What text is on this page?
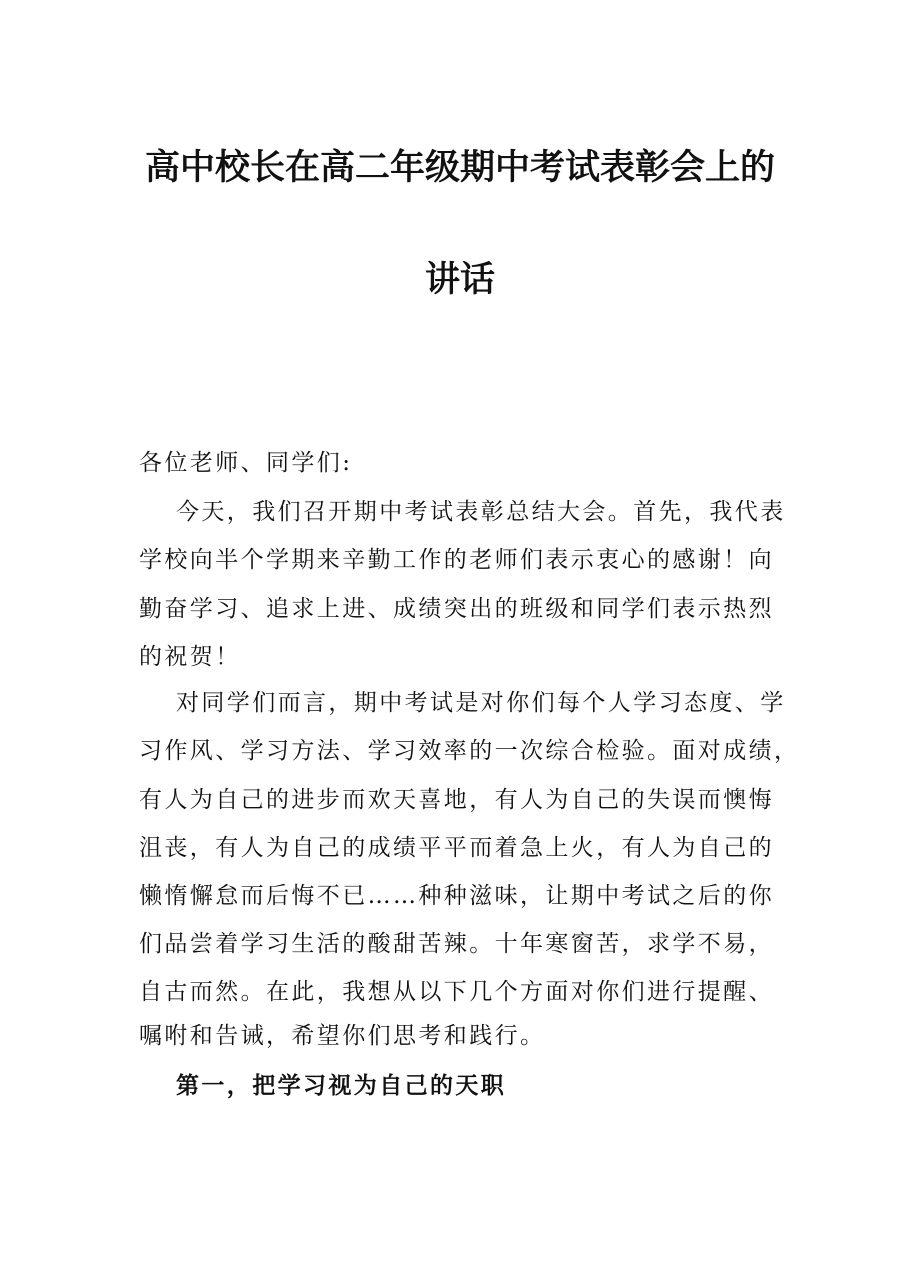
高中校长在高二年级期中考试表彰会上的
讲话

各位老师、同学们:

今天，我们召开期中考试表彰总结大会。首先，我代表

学校向半个学期来辛勤工作的老师们表示衷心的感谢！向

勤奋学习、追求上进、成绩突出的班级和同学们表示热烈

的祝贺！

对同学们而言，期中考试是对你们每个人学习态度、学

习作风、学习方法、学习效率的一次综合检验。面对成绩，

有人为自己的进步而欢天喜地，有人为自己的失误而懊悔

沮丧，有人为自己的成绩平平而着急上火，有人为自己的

懒惰懈怠而后悔不已……种种滋味，让期中考试之后的你

们品尝着学习生活的酸甜苦辣。十年寒窗苦，求学不易，

自古而然。在此，我想从以下几个方面对你们进行提醒、

嘱咐和告诫，希望你们思考和践行。

第一，把学习视为自己的天职
